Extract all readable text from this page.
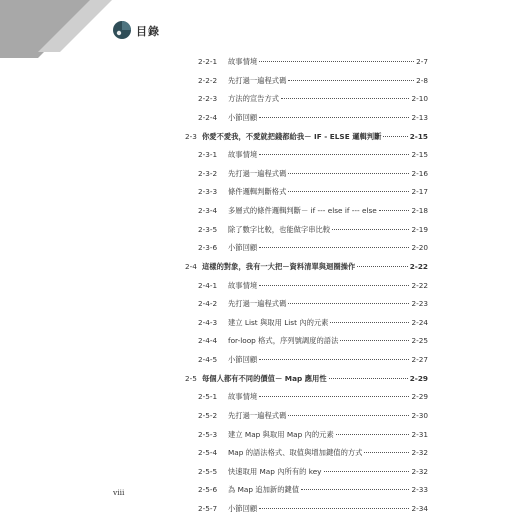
目錄
2-2-1	故事情境	2-7
2-2-2	先打過一遍程式碼	2-8
2-2-3	方法的宣告方式	2-10
2-2-4	小節回顧	2-13
2-3 你愛不愛我，不愛就把錢都給我－ IF - ELSE 邏輯判斷	2-15
2-3-1	故事情境	2-15
2-3-2	先打過一遍程式碼	2-16
2-3-3	條件邏輯判斷格式	2-17
2-3-4	多層式的條件邏輯判斷－ if --- else if --- else	2-18
2-3-5	除了數字比較，也能做字串比較	2-19
2-3-6	小節回顧	2-20
2-4 這樣的對象，我有一大把－資料清單與迴圈操作	2-22
2-4-1	故事情境	2-22
2-4-2	先打過一遍程式碼	2-23
2-4-3	建立 List 與取用 List 內的元素	2-24
2-4-4	for-loop 格式，序列號調度的語法	2-25
2-4-5	小節回顧	2-27
2-5 每個人都有不同的價值－ Map 應用性	2-29
2-5-1	故事情境	2-29
2-5-2	先打過一遍程式碼	2-30
2-5-3	建立 Map 與取用 Map 內的元素	2-31
2-5-4	Map 的語法格式、取值與增加鍵值的方式	2-32
2-5-5	快速取用 Map 內所有的 key	2-32
2-5-6	為 Map 追加新的鍵值	2-33
2-5-7	小節回顧	2-34
viii
